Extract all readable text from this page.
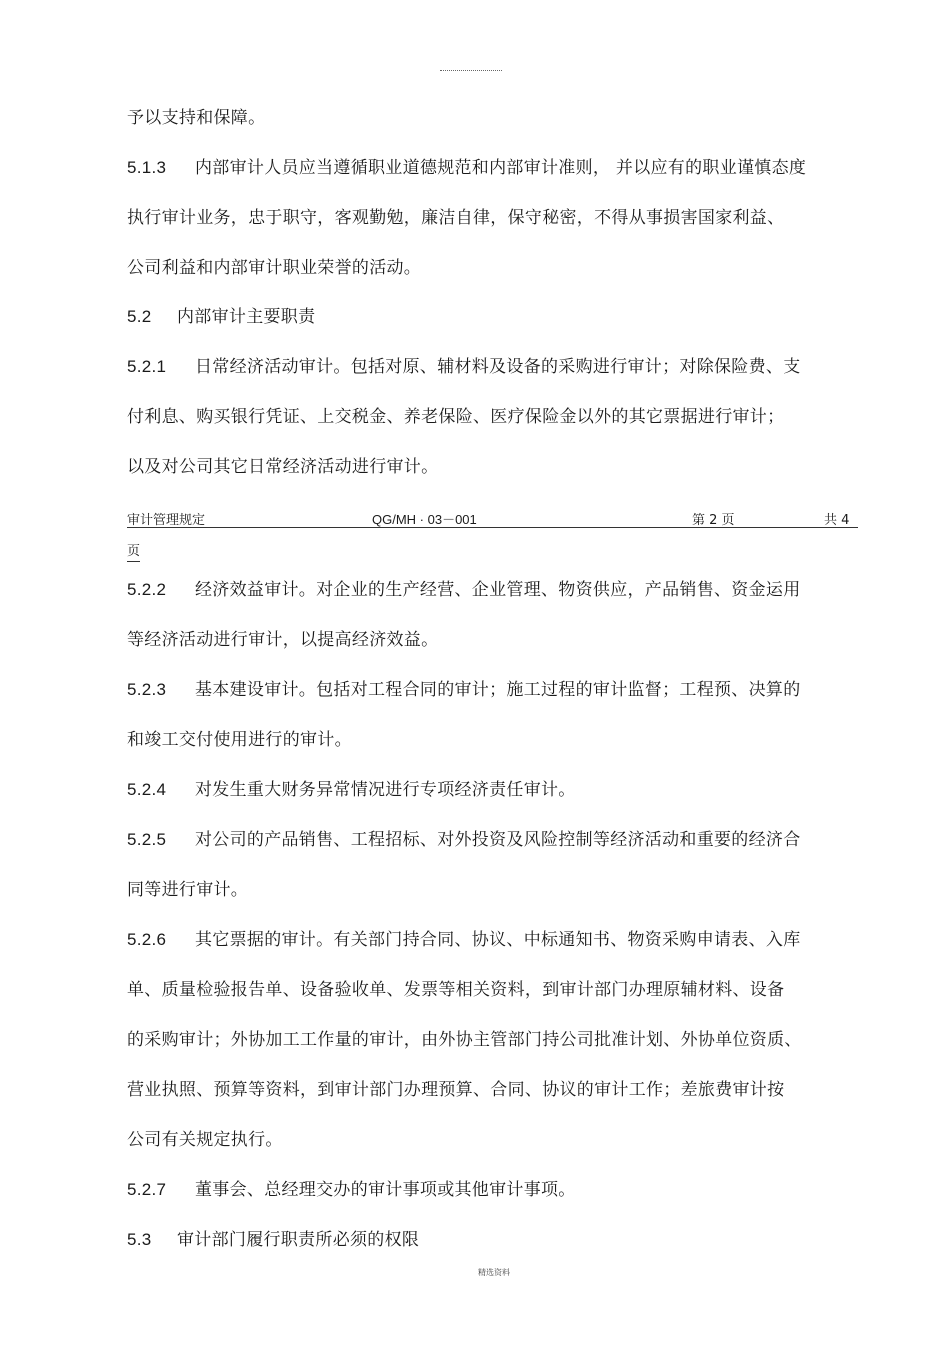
予以支持和保障。
5.1.3 内部审计人员应当遵循职业道德规范和内部审计准则， 并以应有的职业谨慎态度
执行审计业务，忠于职守，客观勤勉，廉洁自律，保守秘密，不得从事损害国家利益、
公司利益和内部审计职业荣誉的活动。
5.2 内部审计主要职责
5.2.1 日常经济活动审计。包括对原、辅材料及设备的采购进行审计；对除保险费、支
付利息、购买银行凭证、上交税金、养老保险、医疗保险金以外的其它票据进行审计；
以及对公司其它日常经济活动进行审计。
审计管理规定	QG/MH · 03－001	第 2 页	共 4
页
5.2.2 经济效益审计。对企业的生产经营、企业管理、物资供应，产品销售、资金运用
等经济活动进行审计，以提高经济效益。
5.2.3 基本建设审计。包括对工程合同的审计；施工过程的审计监督；工程预、决算的
和竣工交付使用进行的审计。
5.2.4 对发生重大财务异常情况进行专项经济责任审计。
5.2.5 对公司的产品销售、工程招标、对外投资及风险控制等经济活动和重要的经济合
同等进行审计。
5.2.6 其它票据的审计。有关部门持合同、协议、中标通知书、物资采购申请表、入库
单、质量检验报告单、设备验收单、发票等相关资料，到审计部门办理原辅材料、设备
的采购审计；外协加工工作量的审计，由外协主管部门持公司批准计划、外协单位资质、
营业执照、预算等资料，到审计部门办理预算、合同、协议的审计工作；差旅费审计按
公司有关规定执行。
5.2.7 董事会、总经理交办的审计事项或其他审计事项。
5.3 审计部门履行职责所必须的权限
精选资料
